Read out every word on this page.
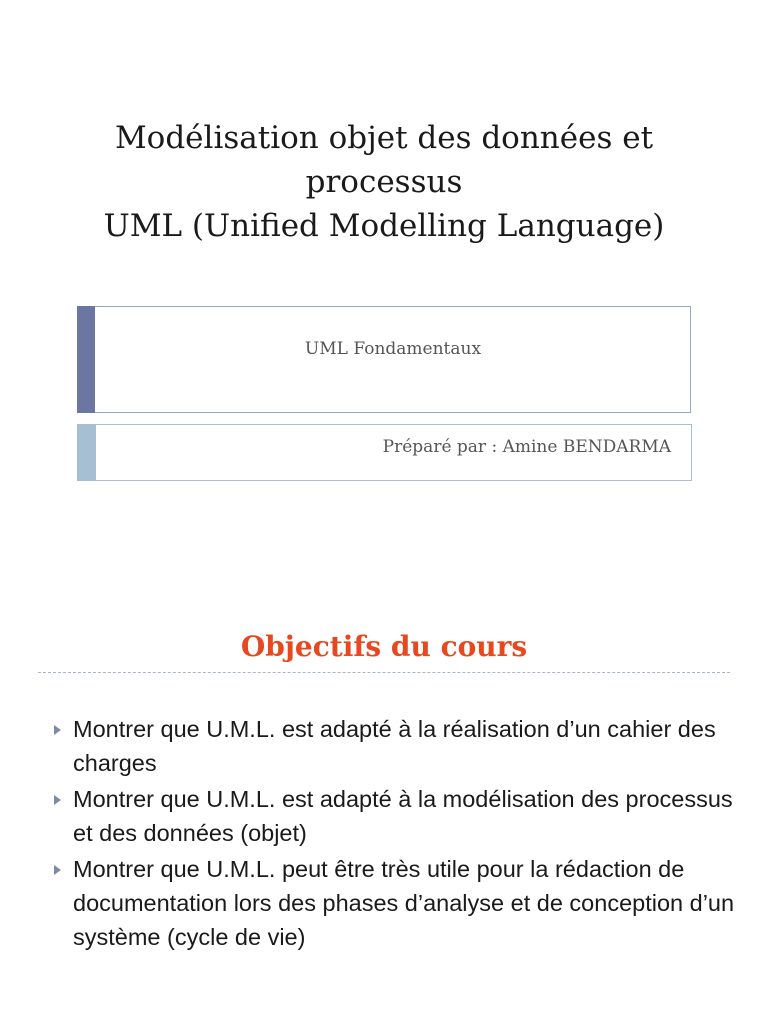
Modélisation objet des données et
processus
UML (Unified Modelling Language)
UML Fondamentaux
Préparé par : Amine BENDARMA
Objectifs du cours
Montrer que U.M.L. est adapté à la réalisation d’un cahier des charges
Montrer que U.M.L. est adapté à la modélisation des processus et des données (objet)
Montrer que U.M.L. peut être très utile pour la rédaction de documentation lors des phases d’analyse et de conception d’un système (cycle de vie)
